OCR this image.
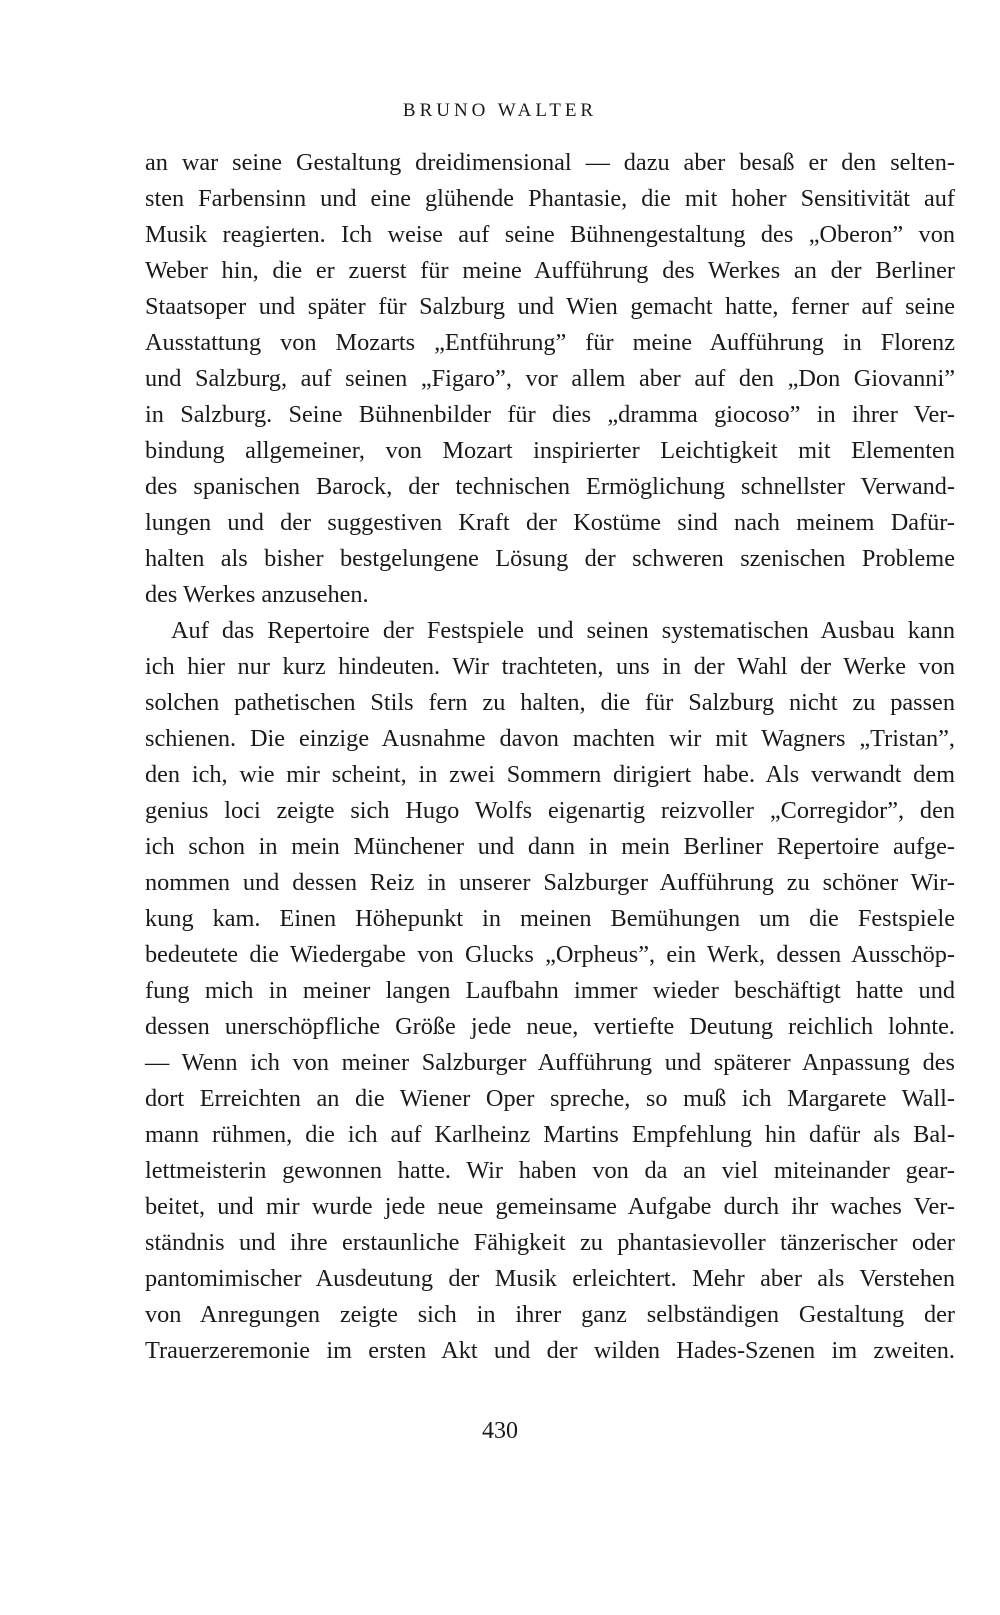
BRUNO WALTER
an war seine Gestaltung dreidimensional — dazu aber besaß er den selten-
sten Farbensinn und eine glühende Phantasie, die mit hoher Sensitivität auf
Musik reagierten. Ich weise auf seine Bühnengestaltung des „Oberon” von
Weber hin, die er zuerst für meine Aufführung des Werkes an der Berliner
Staatsoper und später für Salzburg und Wien gemacht hatte, ferner auf seine
Ausstattung von Mozarts „Entführung” für meine Aufführung in Florenz
und Salzburg, auf seinen „Figaro”, vor allem aber auf den „Don Giovanni”
in Salzburg. Seine Bühnenbilder für dies „dramma giocoso” in ihrer Ver-
bindung allgemeiner, von Mozart inspirierter Leichtigkeit mit Elementen
des spanischen Barock, der technischen Ermöglichung schnellster Verwand-
lungen und der suggestiven Kraft der Kostüme sind nach meinem Dafür-
halten als bisher bestgelungene Lösung der schweren szenischen Probleme
des Werkes anzusehen.
Auf das Repertoire der Festspiele und seinen systematischen Ausbau kann
ich hier nur kurz hindeuten. Wir trachteten, uns in der Wahl der Werke von
solchen pathetischen Stils fern zu halten, die für Salzburg nicht zu passen
schienen. Die einzige Ausnahme davon machten wir mit Wagners „Tristan”,
den ich, wie mir scheint, in zwei Sommern dirigiert habe. Als verwandt dem
genius loci zeigte sich Hugo Wolfs eigenartig reizvoller „Corregidor”, den
ich schon in mein Münchener und dann in mein Berliner Repertoire aufge-
nommen und dessen Reiz in unserer Salzburger Aufführung zu schöner Wir-
kung kam. Einen Höhepunkt in meinen Bemühungen um die Festspiele
bedeutete die Wiedergabe von Glucks „Orpheus”, ein Werk, dessen Ausschöp-
fung mich in meiner langen Laufbahn immer wieder beschäftigt hatte und
dessen unerschöpfliche Größe jede neue, vertiefte Deutung reichlich lohnte.
— Wenn ich von meiner Salzburger Aufführung und späterer Anpassung des
dort Erreichten an die Wiener Oper spreche, so muß ich Margarete Wall-
mann rühmen, die ich auf Karlheinz Martins Empfehlung hin dafür als Bal-
lettmeisterin gewonnen hatte. Wir haben von da an viel miteinander gear-
beitet, und mir wurde jede neue gemeinsame Aufgabe durch ihr waches Ver-
ständnis und ihre erstaunliche Fähigkeit zu phantasievoller tänzerischer oder
pantomimischer Ausdeutung der Musik erleichtert. Mehr aber als Verstehen
von Anregungen zeigte sich in ihrer ganz selbständigen Gestaltung der
Trauerzeremonie im ersten Akt und der wilden Hades-Szenen im zweiten.
430
